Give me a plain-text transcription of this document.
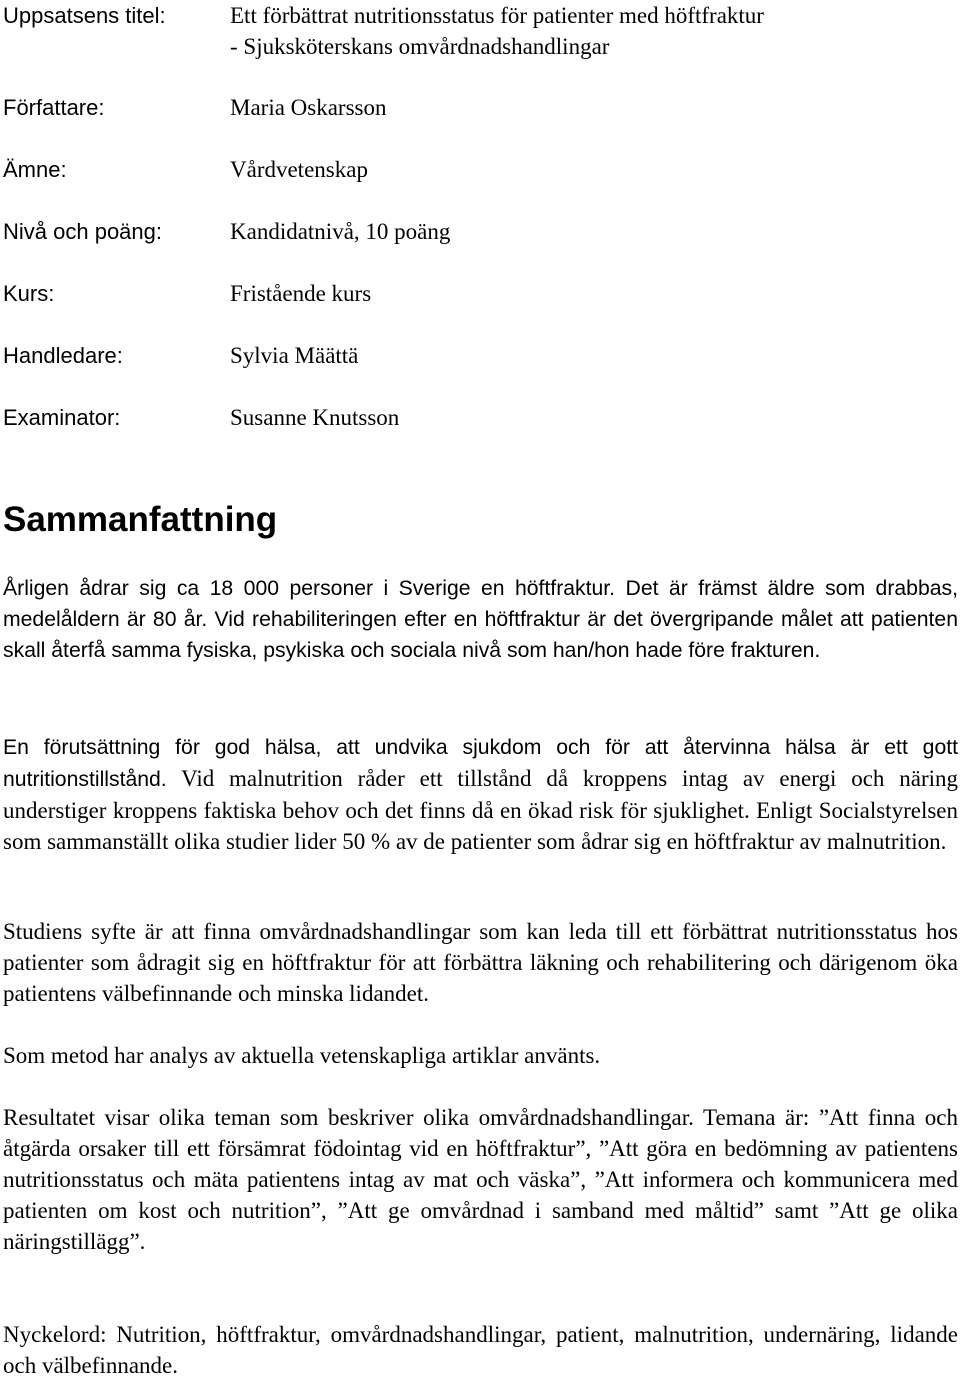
Uppsatsens titel:	Ett förbättrat nutritionsstatus för patienter med höftfraktur
- Sjuksköterskans omvårdnadshandlingar
Författare:	Maria Oskarsson
Ämne:	Vårdvetenskap
Nivå och poäng:	Kandidatnivå, 10 poäng
Kurs:	Fristående kurs
Handledare:	Sylvia Määttä
Examinator:	Susanne Knutsson
Sammanfattning

Årligen ådrar sig ca 18 000 personer i Sverige en höftfraktur. Det är främst äldre som drabbas, medelåldern är 80 år. Vid rehabiliteringen efter en höftfraktur är det övergripande målet att patienten skall återfå samma fysiska, psykiska och sociala nivå som han/hon hade före frakturen.

En förutsättning för god hälsa, att undvika sjukdom och för att återvinna hälsa är ett gott nutritionstillstånd. Vid malnutrition råder ett tillstånd då kroppens intag av energi och näring understiger kroppens faktiska behov och det finns då en ökad risk för sjuklighet. Enligt Socialstyrelsen som sammanställt olika studier lider 50 % av de patienter som ådrar sig en höftfraktur av malnutrition.

Studiens syfte är att finna omvårdnadshandlingar som kan leda till ett förbättrat nutritionsstatus hos patienter som ådragit sig en höftfraktur för att förbättra läkning och rehabilitering och därigenom öka patientens välbefinnande och minska lidandet.

Som metod har analys av aktuella vetenskapliga artiklar använts.

Resultatet visar olika teman som beskriver olika omvårdnadshandlingar. Temana är: ”Att finna och åtgärda orsaker till ett försämrat födointag vid en höftfraktur”, ”Att göra en bedömning av patientens nutritionsstatus och mäta patientens intag av mat och väska”, ”Att informera och kommunicera med patienten om kost och nutrition”, ”Att ge omvårdnad i samband med måltid” samt ”Att ge olika näringstillägg”.

Nyckelord: Nutrition, höftfraktur, omvårdnadshandlingar, patient, malnutrition, undernäring, lidande och välbefinnande.
